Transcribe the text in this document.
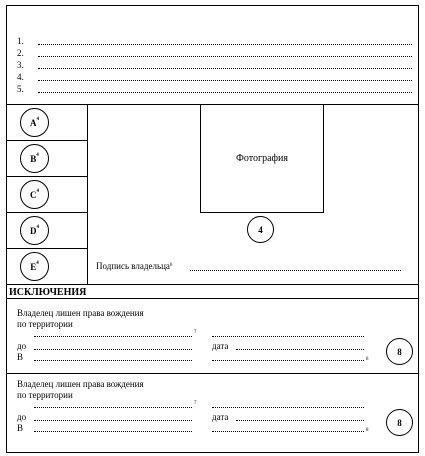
1.
2.
3.
4.
5.
$A^4$
$B^4$
$C^4$
$D^4$
$E^4$
Фотография
4
Подпись владельца$^6$
ИСКЛЮЧЕНИЯ
Владелец лишен права вождения
по территории
7
до	дата
В	8
8
Владелец лишен права вождения
по территории
7
до	дата
В	8
8
